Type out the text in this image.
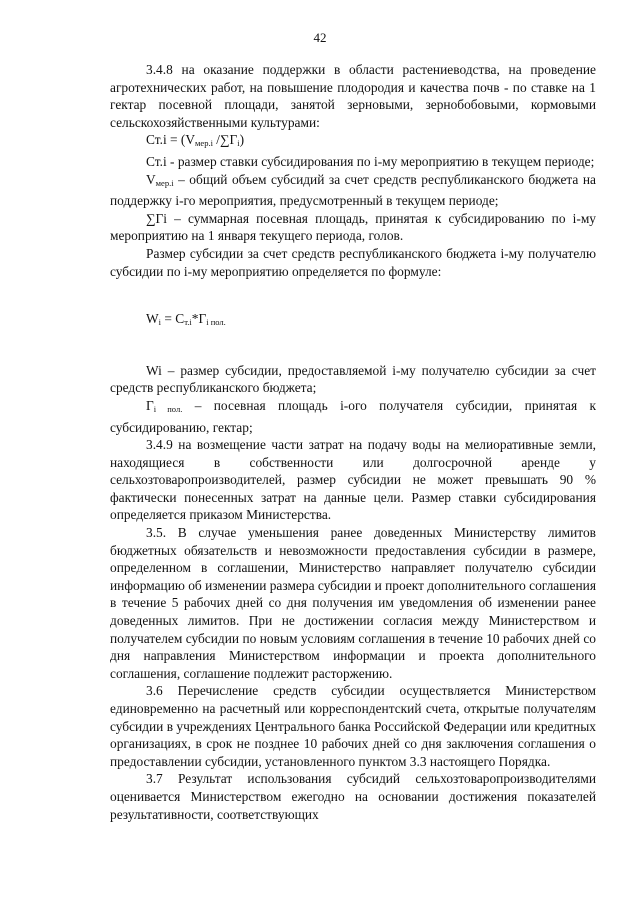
42

3.4.8 на оказание поддержки в области растениеводства, на проведение агротехнических работ, на повышение плодородия и качества почв - по ставке на 1 гектар посевной площади, занятой зерновыми, зернобобовыми, кормовыми сельскохозяйственными культурами:

$Ст.i = (V_{мер.i}$ $/\sum Г_i$)

Ст.i - размер ставки субсидирования по i-му мероприятию в текущем периоде;

$V_{мер.i}$ – общий объем субсидий за счет средств республиканского бюджета на поддержку i-го мероприятия, предусмотренный в текущем периоде;

∑Гi – суммарная посевная площадь, принятая к субсидированию по i-му мероприятию на 1 января текущего периода, голов.

Размер субсидии за счет средств республиканского бюджета i-му получателю субсидии по i-му мероприятию определяется по формуле:

$W_i = С_{т.i}*Г_{i пол.}$

Wi – размер субсидии, предоставляемой i-му получателю субсидии за счет средств республиканского бюджета;

$Г_{i пол.}$ – посевная площадь i-ого получателя субсидии, принятая к субсидированию, гектар;

3.4.9 на возмещение части затрат на подачу воды на мелиоративные земли, находящиеся в собственности или долгосрочной аренде у сельхозтоваропроизводителей, размер субсидии не может превышать 90 % фактически понесенных затрат на данные цели. Размер ставки субсидирования определяется приказом Министерства.

3.5. В случае уменьшения ранее доведенных Министерству лимитов бюджетных обязательств и невозможности предоставления субсидии в размере, определенном в соглашении, Министерство направляет получателю субсидии информацию об изменении размера субсидии и проект дополнительного соглашения в течение 5 рабочих дней со дня получения им уведомления об изменении ранее доведенных лимитов. При не достижении согласия между Министерством и получателем субсидии по новым условиям соглашения в течение 10 рабочих дней со дня направления Министерством информации и проекта дополнительного соглашения, соглашение подлежит расторжению.

3.6 Перечисление средств субсидии осуществляется Министерством единовременно на расчетный или корреспондентский счета, открытые получателям субсидии в учреждениях Центрального банка Российской Федерации или кредитных организациях, в срок не позднее 10 рабочих дней со дня заключения соглашения о предоставлении субсидии, установленного пунктом 3.3 настоящего Порядка.

3.7 Результат использования субсидий сельхозтоваропроизводителями оценивается Министерством ежегодно на основании достижения показателей результативности, соответствующих
